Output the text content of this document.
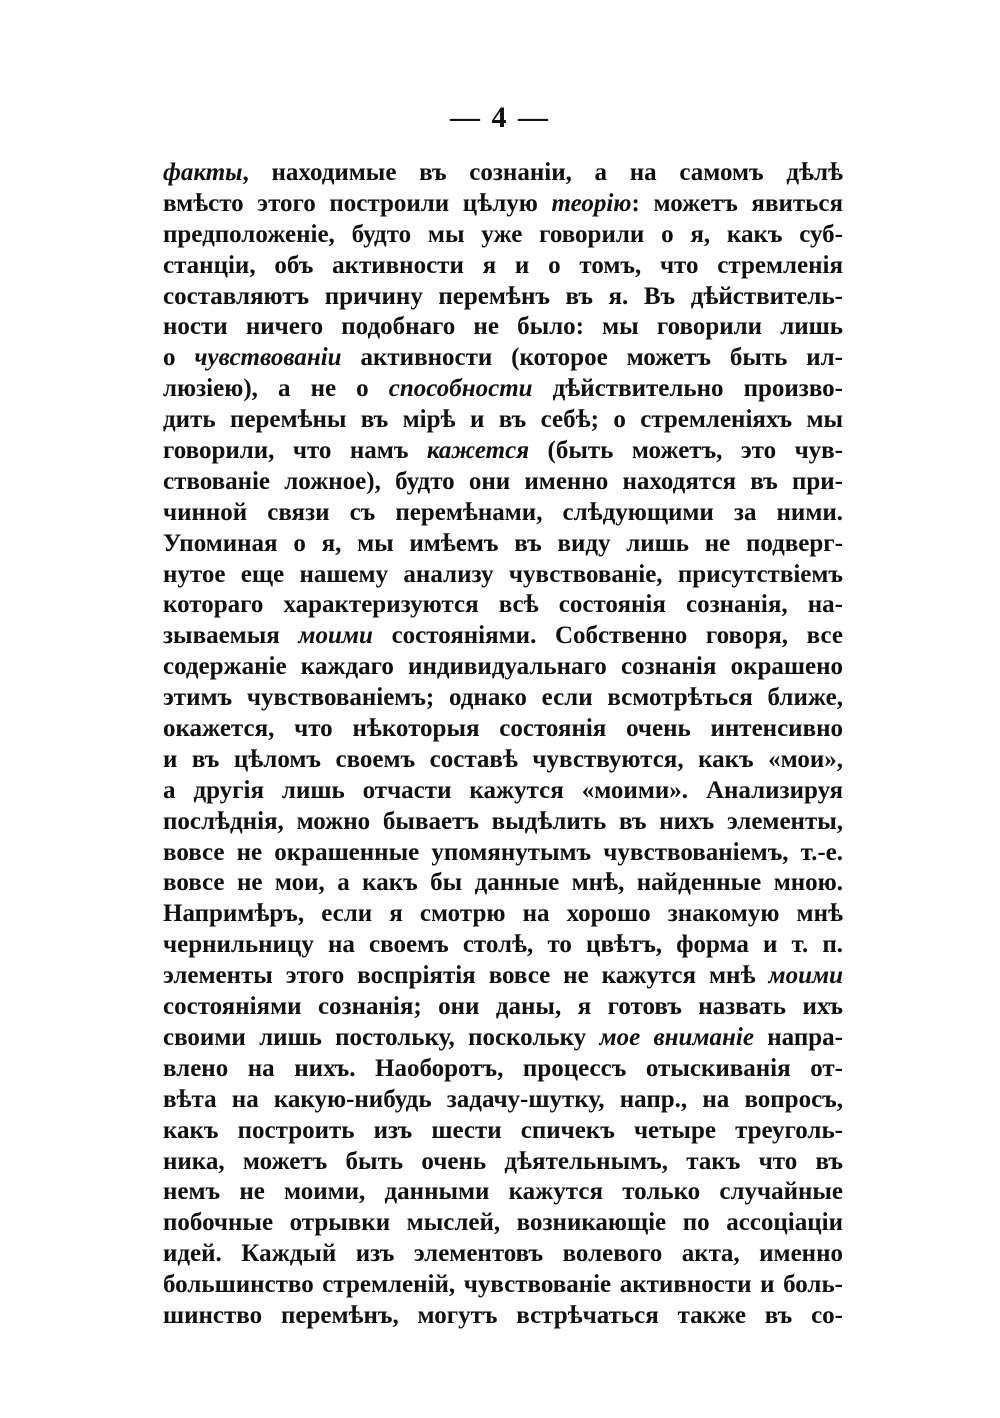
— 4 —
факты, находимые въ сознаніи, а на самомъ дѣлѣ
вмѣсто этого построили цѣлую теорію: можетъ явиться
предположеніе, будто мы уже говорили о я, какъ суб-
станціи, объ активности я и о томъ, что стремленія
составляютъ причину перемѣнъ въ я. Въ дѣйствитель-
ности ничего подобнаго не было: мы говорили лишь
о чувствованіи активности (которое можетъ быть ил-
люзіею), а не о способности дѣйствительно произво-
дить перемѣны въ мірѣ и въ себѣ; о стремленіяхъ мы
говорили, что намъ кажется (быть можетъ, это чув-
ствованіе ложное), будто они именно находятся въ при-
чинной связи съ перемѣнами, слѣдующими за ними.
Упоминая о я, мы имѣемъ въ виду лишь не подверг-
нутое еще нашему анализу чувствованіе, присутствіемъ
котораго характеризуются всѣ состоянія сознанія, на-
зываемыя моими состояніями. Собственно говоря, все
содержаніе каждаго индивидуальнаго сознанія окрашено
этимъ чувствованіемъ; однако если всмотрѣться ближе,
окажется, что нѣкоторыя состоянія очень интенсивно
и въ цѣломъ своемъ составѣ чувствуются, какъ «мои»,
а другія лишь отчасти кажутся «моими». Анализируя
послѣднія, можно бываетъ выдѣлить въ нихъ элементы,
вовсе не окрашенные упомянутымъ чувствованіемъ, т.-е.
вовсе не мои, а какъ бы данные мнѣ, найденные мною.
Напримѣръ, если я смотрю на хорошо знакомую мнѣ
чернильницу на своемъ столѣ, то цвѣтъ, форма и т. п.
элементы этого воспріятія вовсе не кажутся мнѣ моими
состояніями сознанія; они даны, я готовъ назвать ихъ
своими лишь постольку, поскольку мое вниманіе напра-
влено на нихъ. Наоборотъ, процессъ отыскиванія от-
вѣта на какую-нибудь задачу-шутку, напр., на вопросъ,
какъ построить изъ шести спичекъ четыре треуголь-
ника, можетъ быть очень дѣятельнымъ, такъ что въ
немъ не моими, данными кажутся только случайные
побочные отрывки мыслей, возникающіе по ассоціаціи
идей. Каждый изъ элементовъ волевого актa, именно
большинство стремленій, чувствованіе активности и боль-
шинство перемѣнъ, могутъ встрѣчаться также въ со-
